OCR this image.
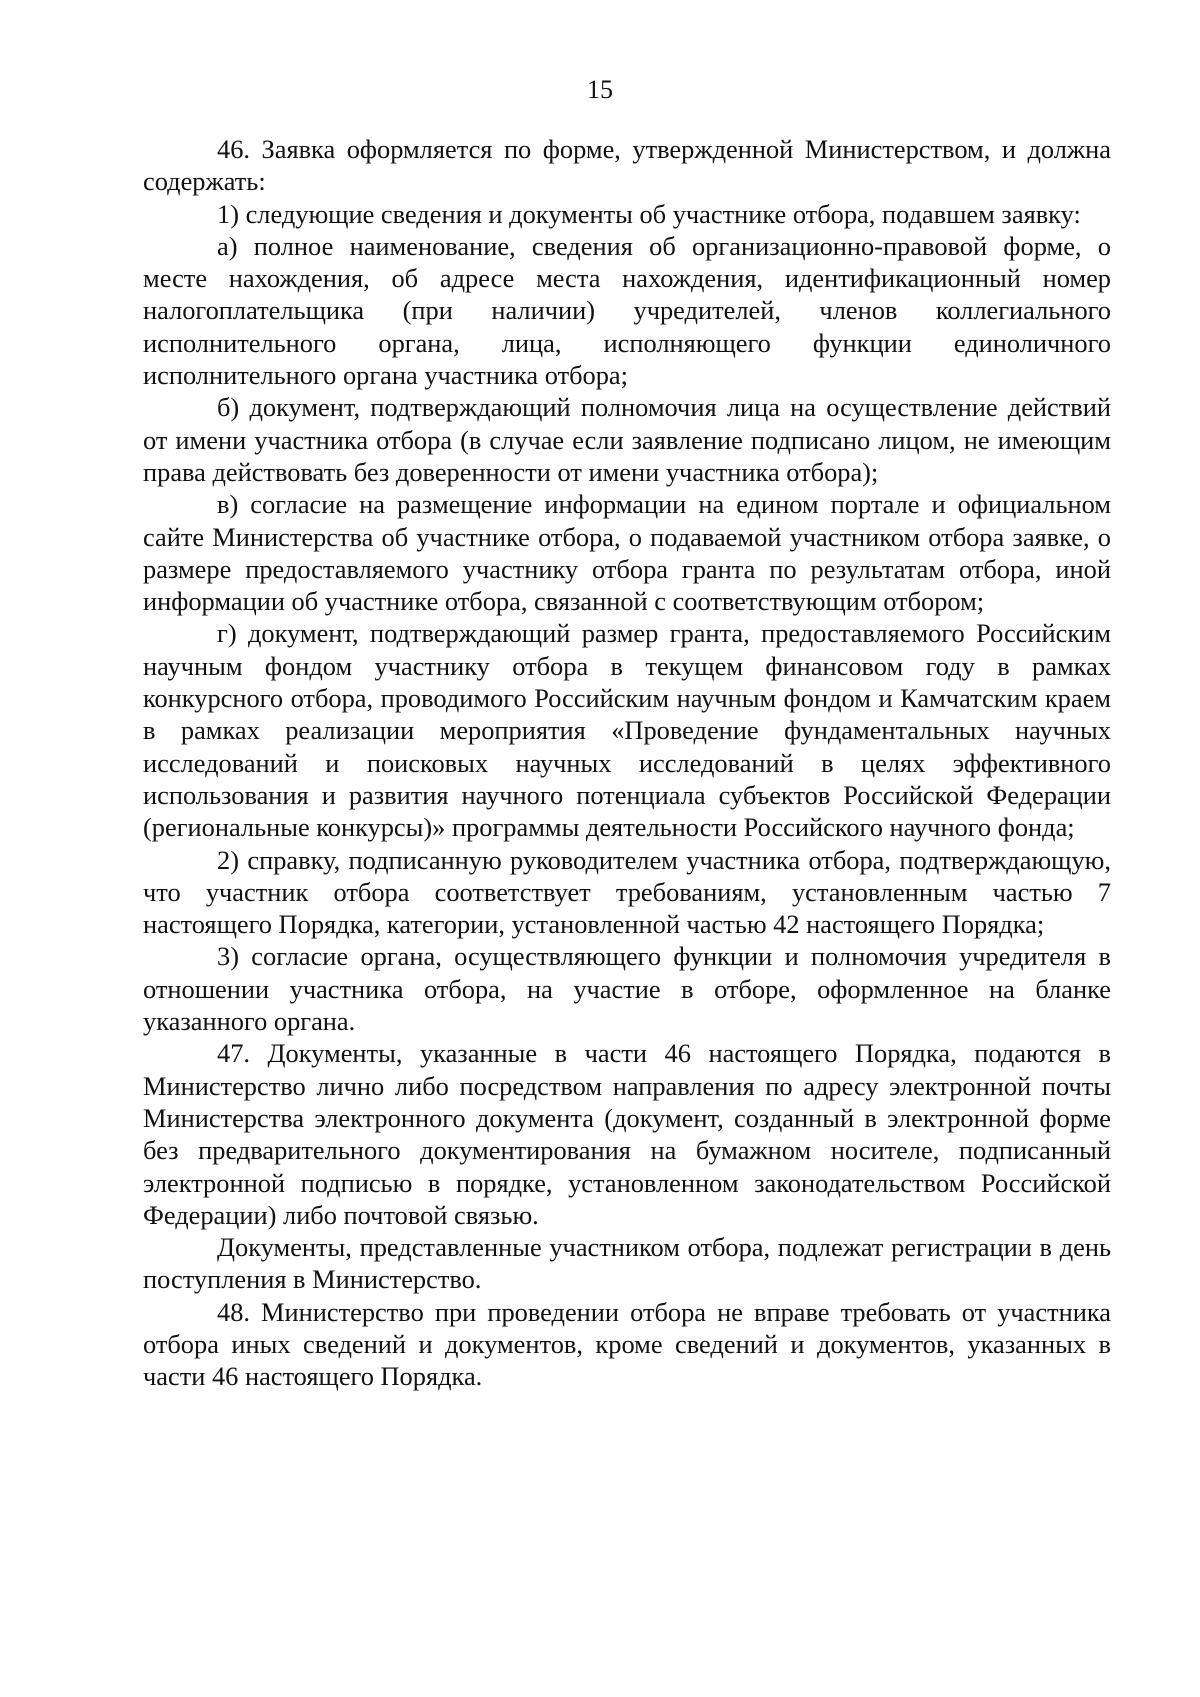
15

46. Заявка оформляется по форме, утвержденной Министерством, и должна содержать:

1) следующие сведения и документы об участнике отбора, подавшем заявку:

а) полное наименование, сведения об организационно-правовой форме, о месте нахождения, об адресе места нахождения, идентификационный номер налогоплательщика (при наличии) учредителей, членов коллегиального исполнительного органа, лица, исполняющего функции единоличного исполнительного органа участника отбора;

б) документ, подтверждающий полномочия лица на осуществление действий от имени участника отбора (в случае если заявление подписано лицом, не имеющим права действовать без доверенности от имени участника отбора);

в) согласие на размещение информации на едином портале и официальном сайте Министерства об участнике отбора, о подаваемой участником отбора заявке, о размере предоставляемого участнику отбора гранта по результатам отбора, иной информации об участнике отбора, связанной с соответствующим отбором;

г) документ, подтверждающий размер гранта, предоставляемого Российским научным фондом участнику отбора в текущем финансовом году в рамках конкурсного отбора, проводимого Российским научным фондом и Камчатским краем в рамках реализации мероприятия «Проведение фундаментальных научных исследований и поисковых научных исследований в целях эффективного использования и развития научного потенциала субъектов Российской Федерации (региональные конкурсы)» программы деятельности Российского научного фонда;

2) справку, подписанную руководителем участника отбора, подтверждающую, что участник отбора соответствует требованиям, установленным частью 7 настоящего Порядка, категории, установленной частью 42 настоящего Порядка;

3) согласие органа, осуществляющего функции и полномочия учредителя в отношении участника отбора, на участие в отборе, оформленное на бланке указанного органа.

47. Документы, указанные в части 46 настоящего Порядка, подаются в Министерство лично либо посредством направления по адресу электронной почты Министерства электронного документа (документ, созданный в электронной форме без предварительного документирования на бумажном носителе, подписанный электронной подписью в порядке, установленном законодательством Российской Федерации) либо почтовой связью.

Документы, представленные участником отбора, подлежат регистрации в день поступления в Министерство.

48. Министерство при проведении отбора не вправе требовать от участника отбора иных сведений и документов, кроме сведений и документов, указанных в части 46 настоящего Порядка.
